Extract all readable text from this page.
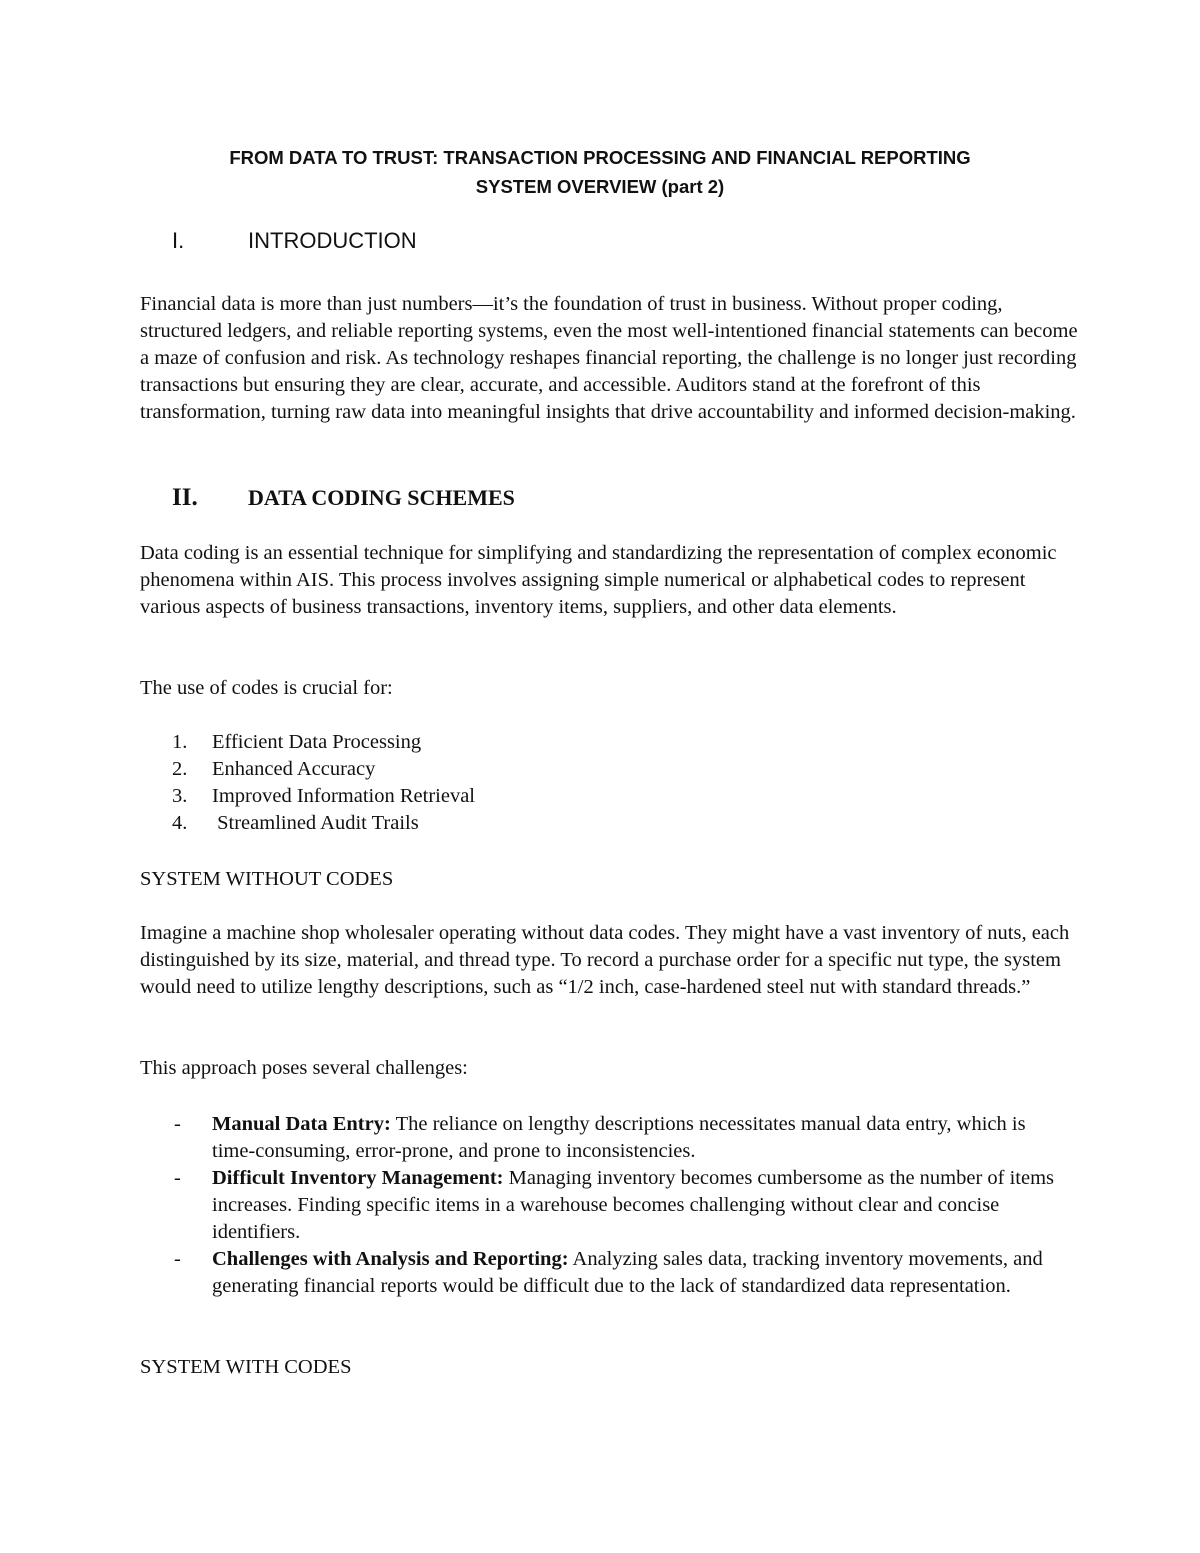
FROM DATA TO TRUST: TRANSACTION PROCESSING AND FINANCIAL REPORTING
SYSTEM OVERVIEW (part 2)
I.	INTRODUCTION

Financial data is more than just numbers—it’s the foundation of trust in business. Without proper coding, structured ledgers, and reliable reporting systems, even the most well-intentioned financial statements can become a maze of confusion and risk. As technology reshapes financial reporting, the challenge is no longer just recording transactions but ensuring they are clear, accurate, and accessible. Auditors stand at the forefront of this transformation, turning raw data into meaningful insights that drive accountability and informed decision-making.

II. DATA CODING SCHEMES

Data coding is an essential technique for simplifying and standardizing the representation of complex economic phenomena within AIS. This process involves assigning simple numerical or alphabetical codes to represent various aspects of business transactions, inventory items, suppliers, and other data elements.

The use of codes is crucial for:

1. Efficient Data Processing
2. Enhanced Accuracy
3. Improved Information Retrieval
4. Streamlined Audit Trails

SYSTEM WITHOUT CODES

Imagine a machine shop wholesaler operating without data codes. They might have a vast inventory of nuts, each distinguished by its size, material, and thread type. To record a purchase order for a specific nut type, the system would need to utilize lengthy descriptions, such as “1/2 inch, case-hardened steel nut with standard threads.”

This approach poses several challenges:

- Manual Data Entry: The reliance on lengthy descriptions necessitates manual data entry, which is time-consuming, error-prone, and prone to inconsistencies.
- Difficult Inventory Management: Managing inventory becomes cumbersome as the number of items increases. Finding specific items in a warehouse becomes challenging without clear and concise identifiers.
- Challenges with Analysis and Reporting: Analyzing sales data, tracking inventory movements, and generating financial reports would be difficult due to the lack of standardized data representation.

SYSTEM WITH CODES
